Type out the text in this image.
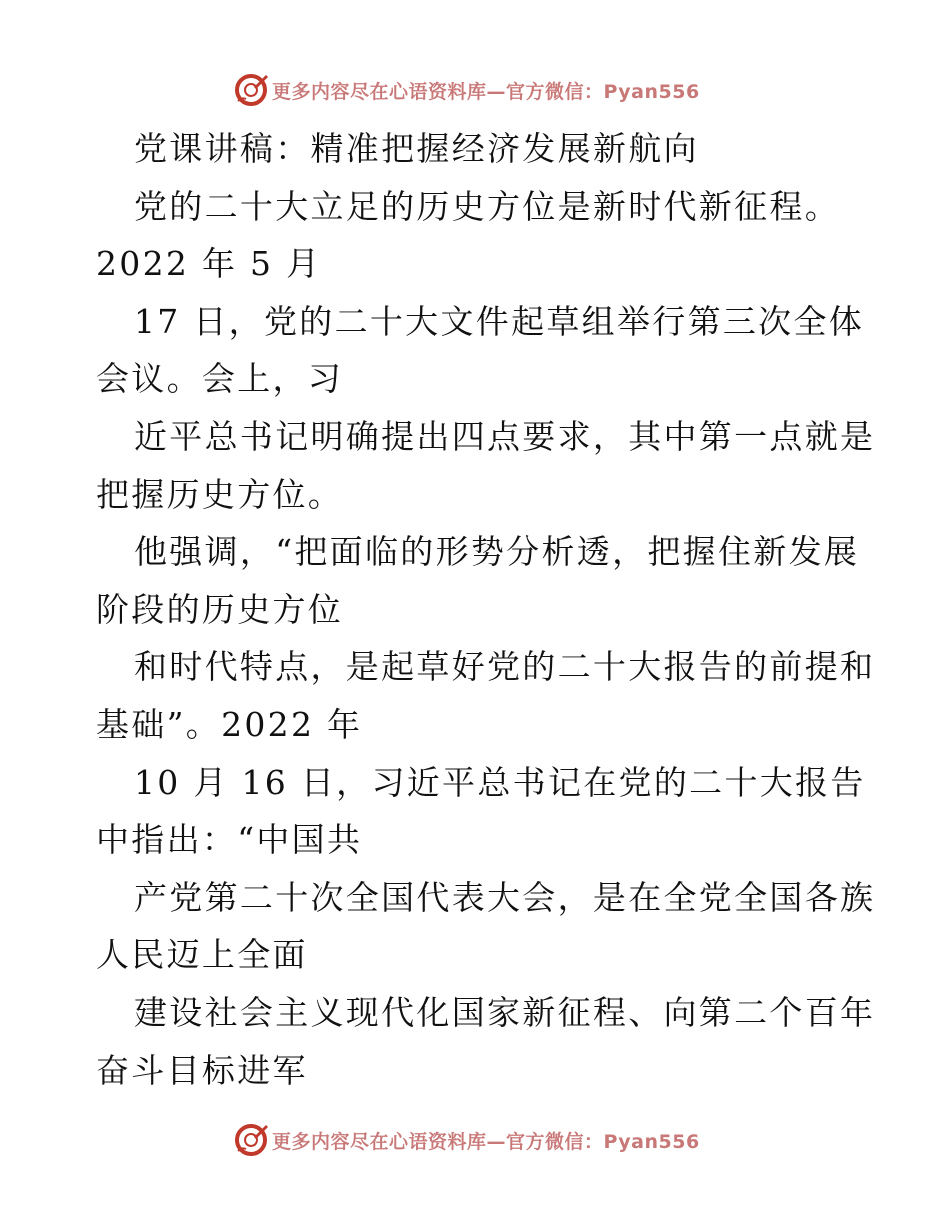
更多内容尽在心语资料库—官方微信：Pyan556
党课讲稿：精准把握经济发展新航向
党的二十大立足的历史方位是新时代新征程。
2022 年 5 月
17 日，党的二十大文件起草组举行第三次全体
会议。会上，习
近平总书记明确提出四点要求，其中第一点就是
把握历史方位。
他强调，“把面临的形势分析透，把握住新发展
阶段的历史方位
和时代特点，是起草好党的二十大报告的前提和
基础”。2022 年
10 月 16 日，习近平总书记在党的二十大报告
中指出：“中国共
产党第二十次全国代表大会，是在全党全国各族
人民迈上全面
建设社会主义现代化国家新征程、向第二个百年
奋斗目标进军
更多内容尽在心语资料库—官方微信：Pyan556
